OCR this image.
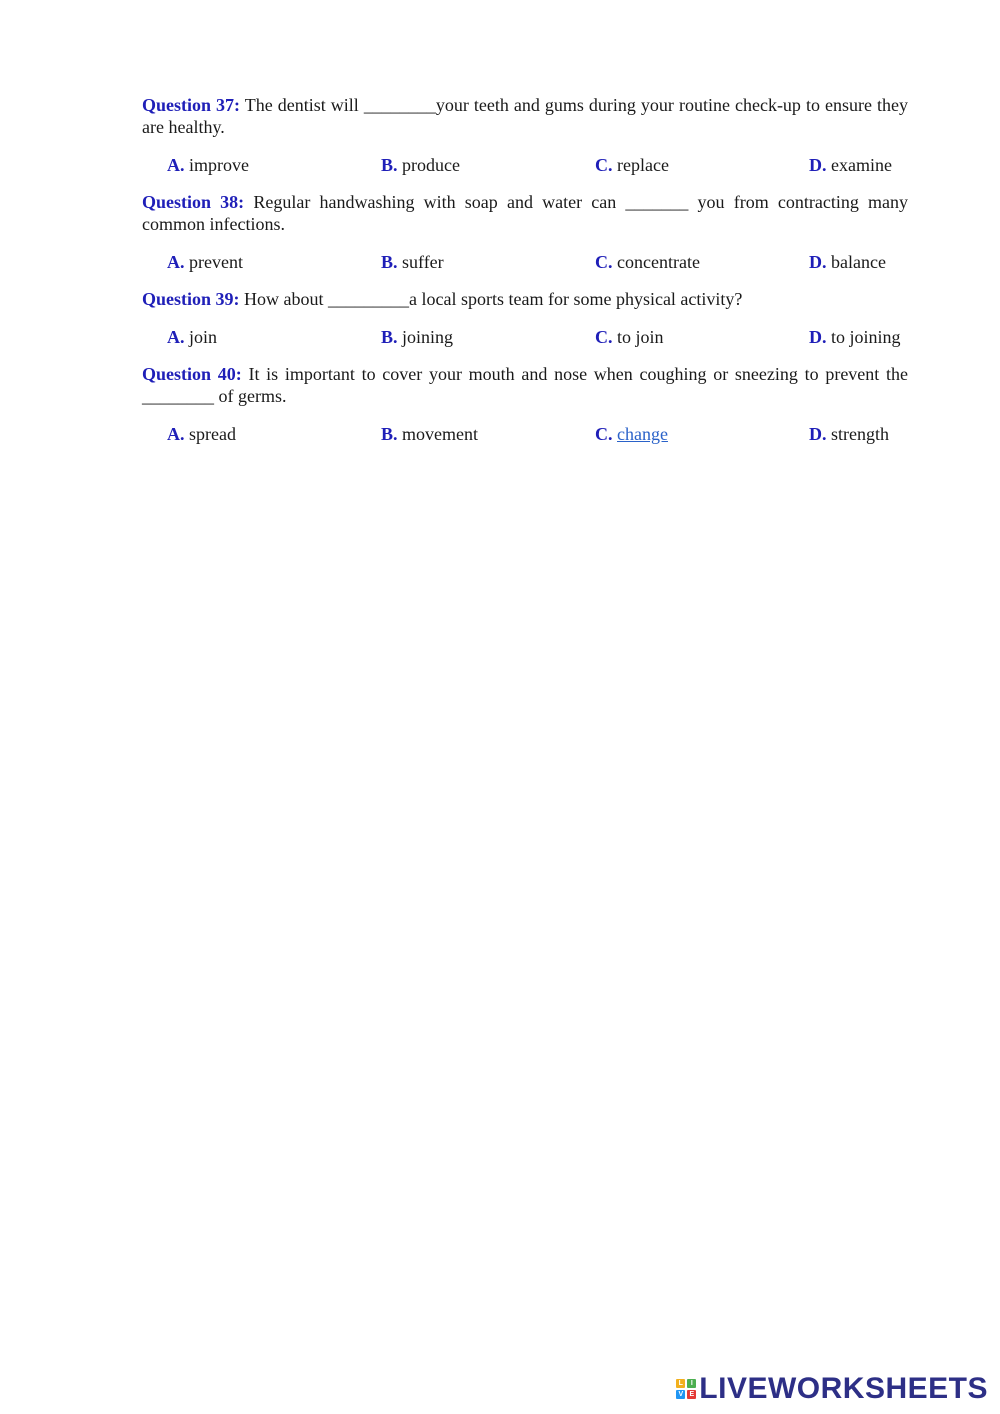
Question 37: The dentist will ________your teeth and gums during your routine check-up to ensure they are healthy.

A. improve	B. produce	C. replace	D. examine

Question 38: Regular handwashing with soap and water can _______ you from contracting many common infections.

A. prevent	B. suffer	C. concentrate	D. balance

Question 39: How about _________a local sports team for some physical activity?

A. join	B. joining	C. to join	D. to joining

Question 40: It is important to cover your mouth and nose when coughing or sneezing to prevent the ________ of germs.

A. spread	B. movement	C. change	D. strength
L	I
V E LIVEWORKSHEETS
